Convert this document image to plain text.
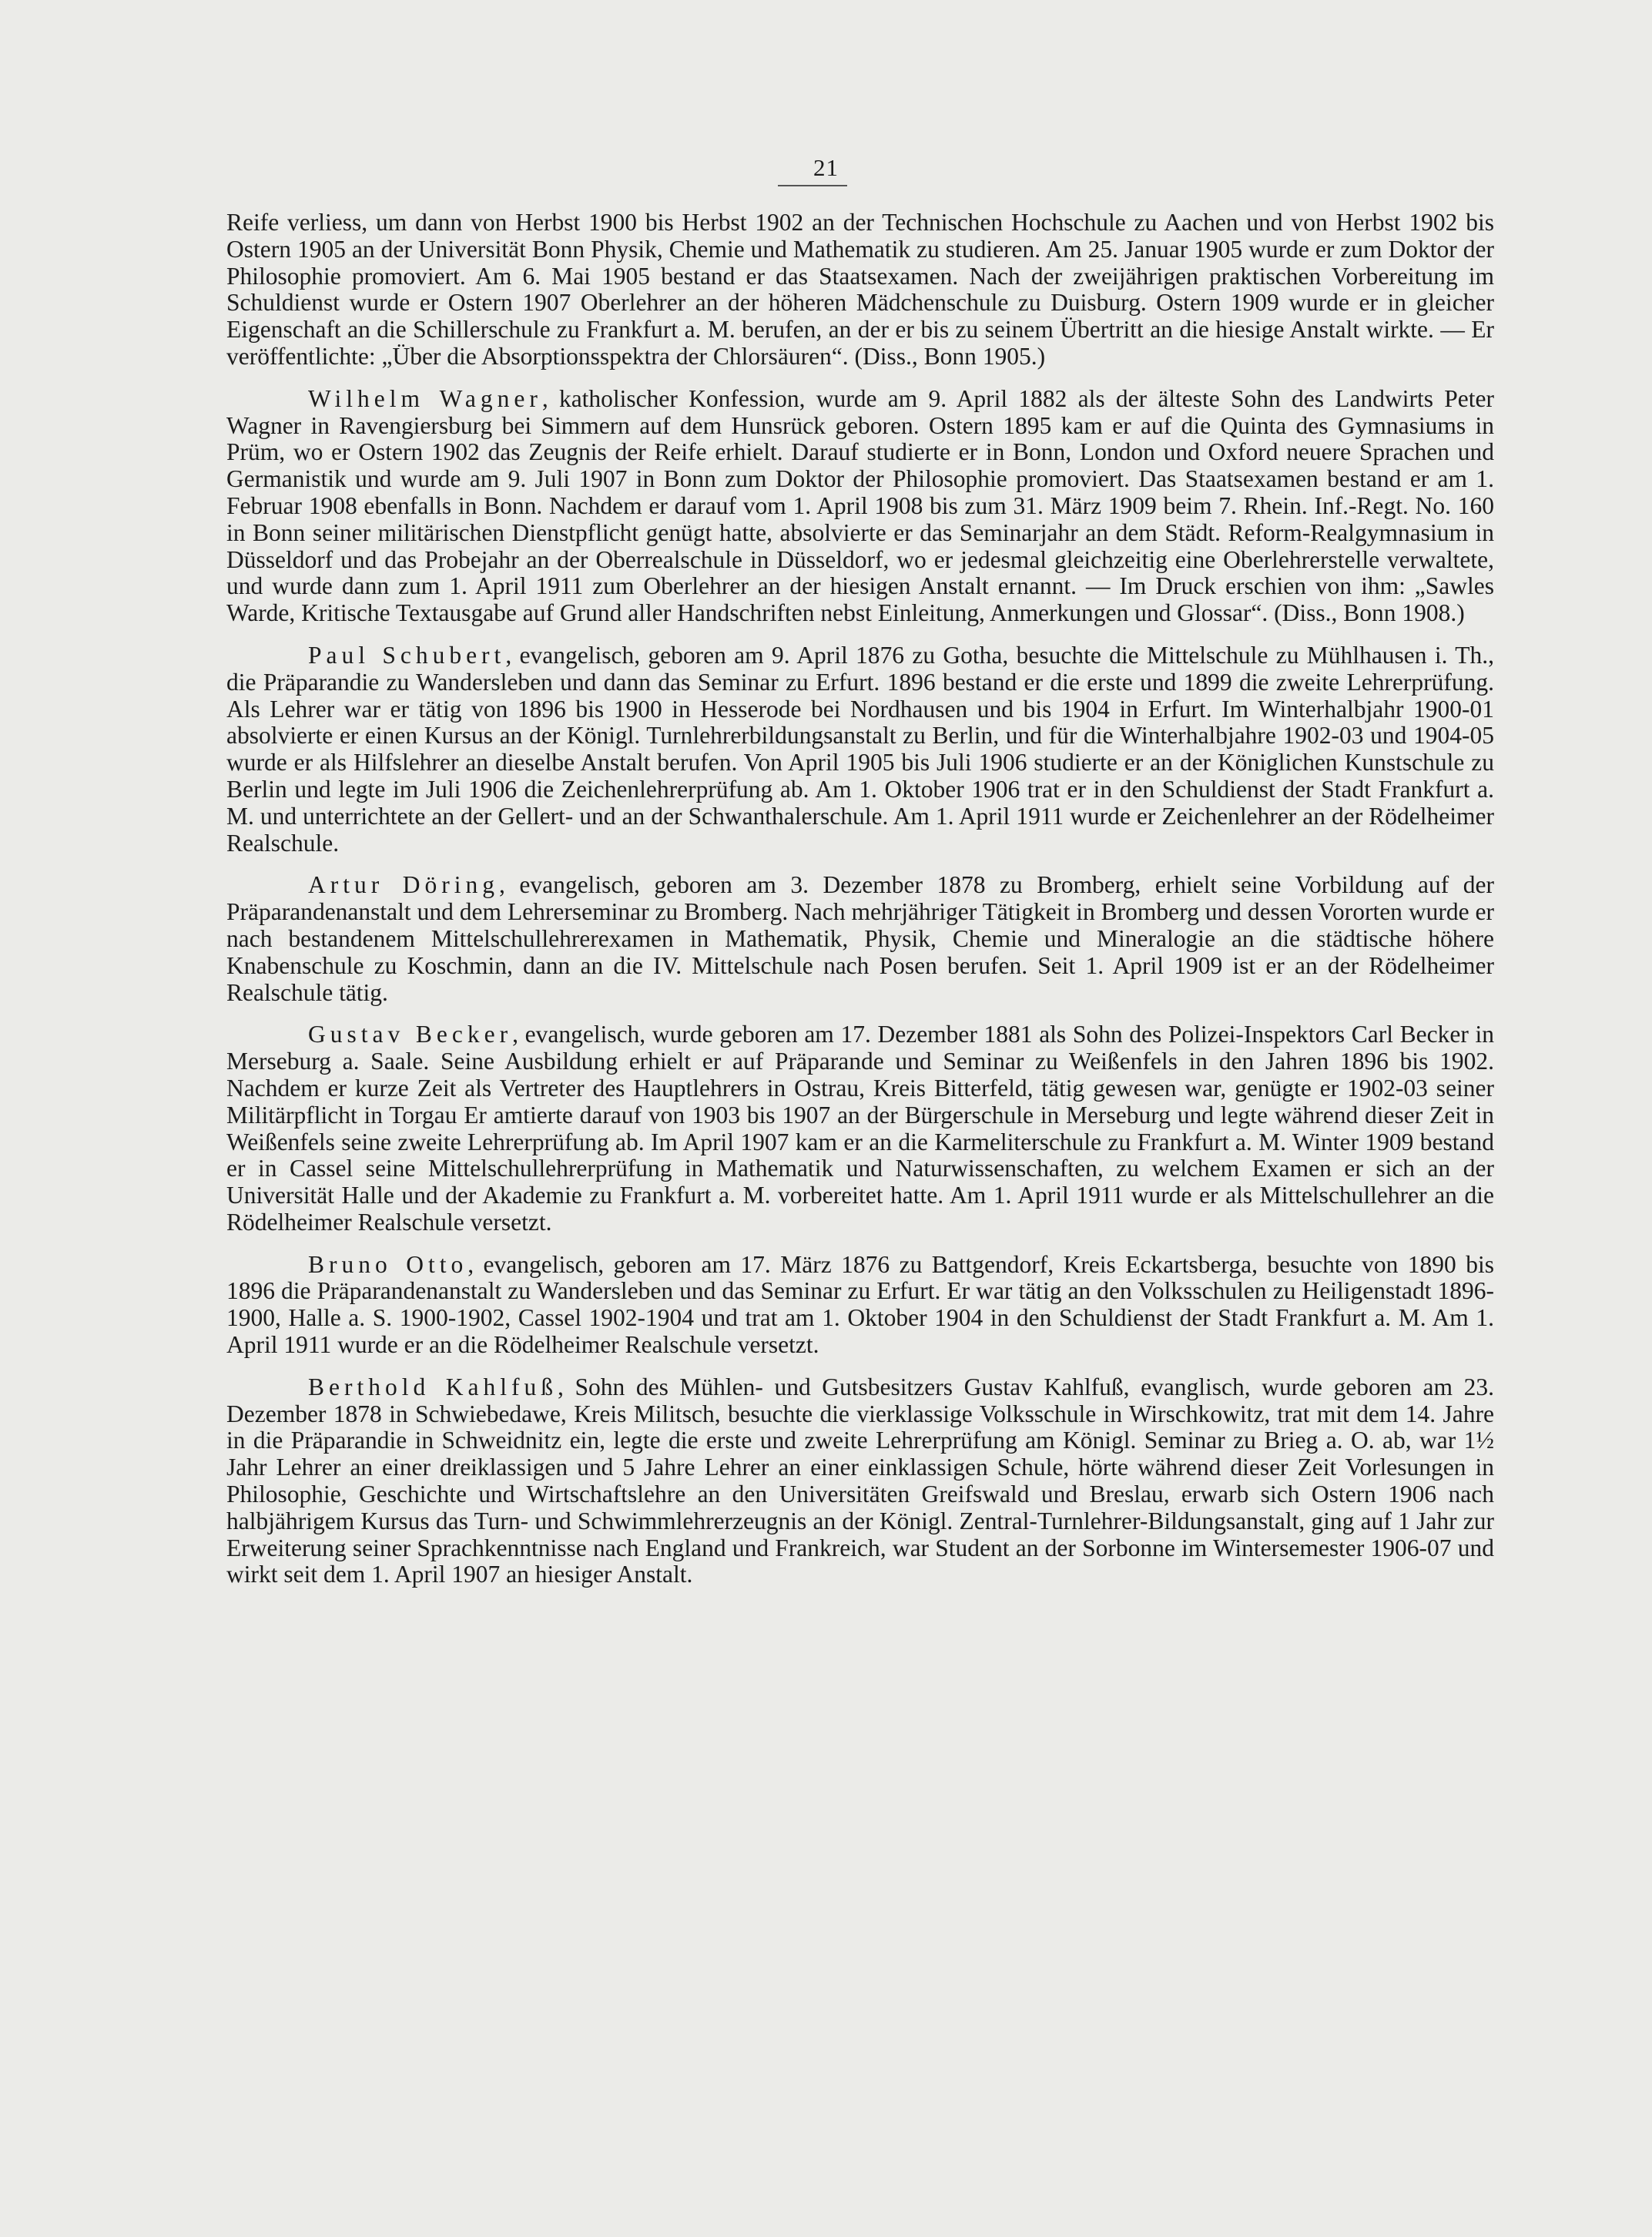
21

Reife verliess, um dann von Herbst 1900 bis Herbst 1902 an der Technischen Hochschule zu Aachen und von Herbst 1902 bis Ostern 1905 an der Universität Bonn Physik, Chemie und Mathematik zu studieren. Am 25. Januar 1905 wurde er zum Doktor der Philosophie promoviert. Am 6. Mai 1905 bestand er das Staatsexamen. Nach der zweijährigen praktischen Vorbereitung im Schuldienst wurde er Ostern 1907 Oberlehrer an der höheren Mädchenschule zu Duisburg. Ostern 1909 wurde er in gleicher Eigenschaft an die Schillerschule zu Frankfurt a. M. berufen, an der er bis zu seinem Übertritt an die hiesige Anstalt wirkte. — Er veröffentlichte: „Über die Absorptionsspektra der Chlorsäuren“. (Diss., Bonn 1905.)

Wilhelm Wagner, katholischer Konfession, wurde am 9. April 1882 als der älteste Sohn des Landwirts Peter Wagner in Ravengiersburg bei Simmern auf dem Hunsrück geboren. Ostern 1895 kam er auf die Quinta des Gymnasiums in Prüm, wo er Ostern 1902 das Zeugnis der Reife erhielt. Darauf studierte er in Bonn, London und Oxford neuere Sprachen und Germanistik und wurde am 9. Juli 1907 in Bonn zum Doktor der Philosophie promoviert. Das Staatsexamen bestand er am 1. Februar 1908 ebenfalls in Bonn. Nachdem er darauf vom 1. April 1908 bis zum 31. März 1909 beim 7. Rhein. Inf.-Regt. No. 160 in Bonn seiner militärischen Dienstpflicht genügt hatte, absolvierte er das Seminarjahr an dem Städt. Reform-Realgymnasium in Düsseldorf und das Probejahr an der Oberrealschule in Düsseldorf, wo er jedesmal gleichzeitig eine Oberlehrerstelle verwaltete, und wurde dann zum 1. April 1911 zum Oberlehrer an der hiesigen Anstalt ernannt. — Im Druck erschien von ihm: „Sawles Warde, Kritische Textausgabe auf Grund aller Handschriften nebst Einleitung, Anmerkungen und Glossar“. (Diss., Bonn 1908.)

Paul Schubert, evangelisch, geboren am 9. April 1876 zu Gotha, besuchte die Mittelschule zu Mühlhausen i. Th., die Präparandie zu Wandersleben und dann das Seminar zu Erfurt. 1896 bestand er die erste und 1899 die zweite Lehrerprüfung. Als Lehrer war er tätig von 1896 bis 1900 in Hesserode bei Nordhausen und bis 1904 in Erfurt. Im Winterhalbjahr 1900-01 absolvierte er einen Kursus an der Königl. Turnlehrerbildungsanstalt zu Berlin, und für die Winterhalbjahre 1902-03 und 1904-05 wurde er als Hilfslehrer an dieselbe Anstalt berufen. Von April 1905 bis Juli 1906 studierte er an der Königlichen Kunstschule zu Berlin und legte im Juli 1906 die Zeichenlehrerprüfung ab. Am 1. Oktober 1906 trat er in den Schuldienst der Stadt Frankfurt a. M. und unterrichtete an der Gellert- und an der Schwanthalerschule. Am 1. April 1911 wurde er Zeichenlehrer an der Rödelheimer Realschule.

Artur Döring, evangelisch, geboren am 3. Dezember 1878 zu Bromberg, erhielt seine Vorbildung auf der Präparandenanstalt und dem Lehrerseminar zu Bromberg. Nach mehrjähriger Tätigkeit in Bromberg und dessen Vororten wurde er nach bestandenem Mittelschullehrerexamen in Mathematik, Physik, Chemie und Mineralogie an die städtische höhere Knabenschule zu Koschmin, dann an die IV. Mittelschule nach Posen berufen. Seit 1. April 1909 ist er an der Rödelheimer Realschule tätig.

Gustav Becker, evangelisch, wurde geboren am 17. Dezember 1881 als Sohn des Polizei-Inspektors Carl Becker in Merseburg a. Saale. Seine Ausbildung erhielt er auf Präparande und Seminar zu Weißenfels in den Jahren 1896 bis 1902. Nachdem er kurze Zeit als Vertreter des Hauptlehrers in Ostrau, Kreis Bitterfeld, tätig gewesen war, genügte er 1902-03 seiner Militärpflicht in Torgau Er amtierte darauf von 1903 bis 1907 an der Bürgerschule in Merseburg und legte während dieser Zeit in Weißenfels seine zweite Lehrerprüfung ab. Im April 1907 kam er an die Karmeliterschule zu Frankfurt a. M. Winter 1909 bestand er in Cassel seine Mittelschullehrerprüfung in Mathematik und Naturwissenschaften, zu welchem Examen er sich an der Universität Halle und der Akademie zu Frankfurt a. M. vorbereitet hatte. Am 1. April 1911 wurde er als Mittelschullehrer an die Rödelheimer Realschule versetzt.

Bruno Otto, evangelisch, geboren am 17. März 1876 zu Battgendorf, Kreis Eckartsberga, besuchte von 1890 bis 1896 die Präparandenanstalt zu Wandersleben und das Seminar zu Erfurt. Er war tätig an den Volksschulen zu Heiligenstadt 1896-1900, Halle a. S. 1900-1902, Cassel 1902-1904 und trat am 1. Oktober 1904 in den Schuldienst der Stadt Frankfurt a. M. Am 1. April 1911 wurde er an die Rödelheimer Realschule versetzt.

Berthold Kahlfuß, Sohn des Mühlen- und Gutsbesitzers Gustav Kahlfuß, evanglisch, wurde geboren am 23. Dezember 1878 in Schwiebedawe, Kreis Militsch, besuchte die vierklassige Volksschule in Wirschkowitz, trat mit dem 14. Jahre in die Präparandie in Schweidnitz ein, legte die erste und zweite Lehrerprüfung am Königl. Seminar zu Brieg a. O. ab, war 1½ Jahr Lehrer an einer dreiklassigen und 5 Jahre Lehrer an einer einklassigen Schule, hörte während dieser Zeit Vorlesungen in Philosophie, Geschichte und Wirtschaftslehre an den Universitäten Greifswald und Breslau, erwarb sich Ostern 1906 nach halbjährigem Kursus das Turn- und Schwimmlehrerzeugnis an der Königl. Zentral-Turnlehrer-Bildungsanstalt, ging auf 1 Jahr zur Erweiterung seiner Sprachkenntnisse nach England und Frankreich, war Student an der Sorbonne im Wintersemester 1906-07 und wirkt seit dem 1. April 1907 an hiesiger Anstalt.
